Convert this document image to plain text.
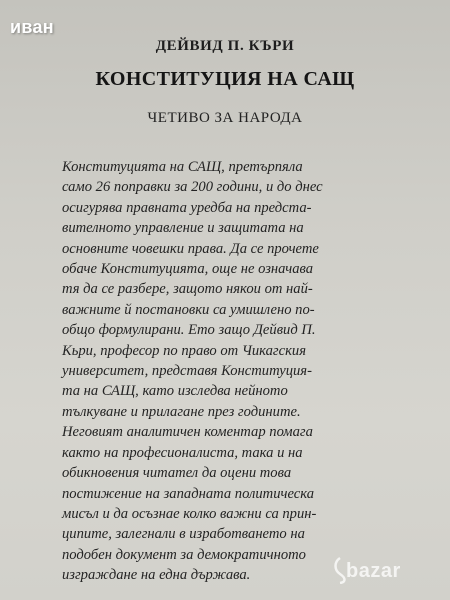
иван
ДЕЙВИД П. КЪРИ
КОНСТИТУЦИЯ НА САЩ
ЧЕТИВО ЗА НАРОДА
Конституцията на САЩ, претърпяла
само 26 поправки за 200 години, и до днес
осигурява правната уредба на предста-
вителното управление и защитата на
основните човешки права. Да се прочете
обаче Конституцията, още не означава
тя да се разбере, защото някои от най-
важните й постановки са умишлено по-
общо формулирани. Ето защо Дейвид П.
Кьри, професор по право от Чикагския
университет, представя Конституция-
та на САЩ, като изследва нейното
тълкуване и прилагане през годините.
Неговият аналитичен коментар помага
както на професионалиста, така и на
обикновения читател да оцени това
постижение на западната политическа
мисъл и да осъзнае колко важни са прин-
ципите, залегнали в изработването на
подобен документ за демократичното
изграждане на една държава.	bazar
